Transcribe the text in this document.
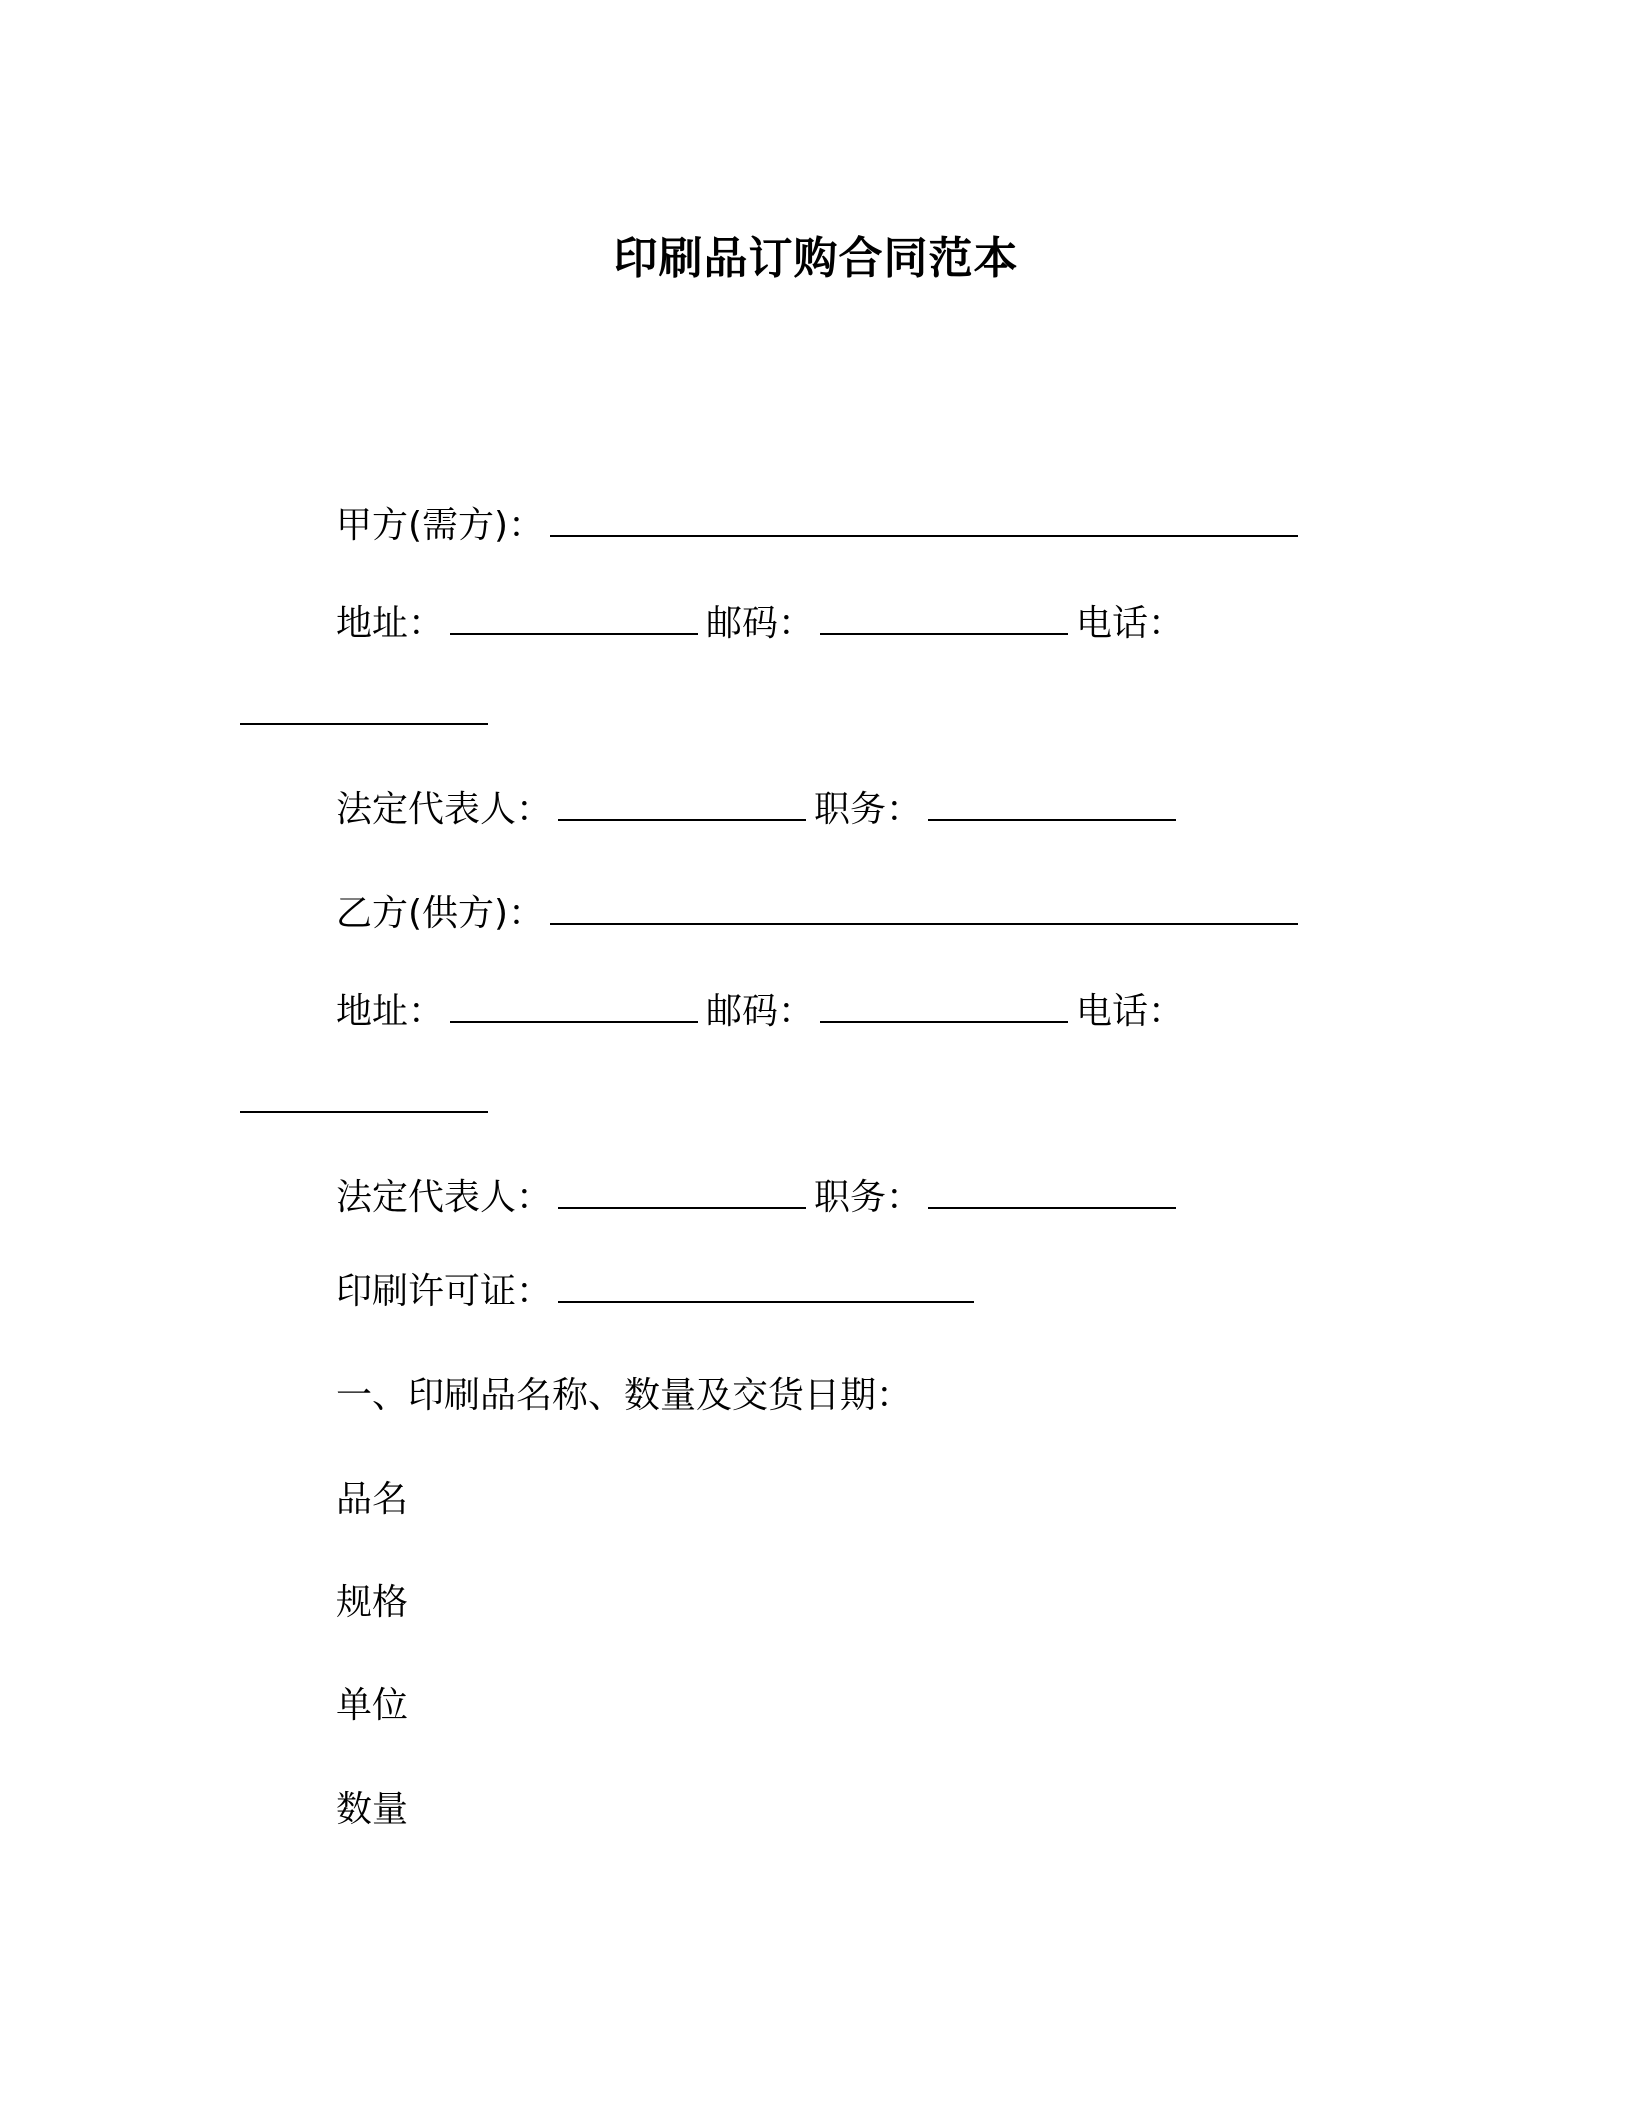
印刷品订购合同范本
甲方(需方)：
地址：	邮码：	电话：
法定代表人：	职务：
乙方(供方)：
地址：	邮码：	电话：
法定代表人：	职务：
印刷许可证：
一、印刷品名称、数量及交货日期：
品名
规格
单位
数量
